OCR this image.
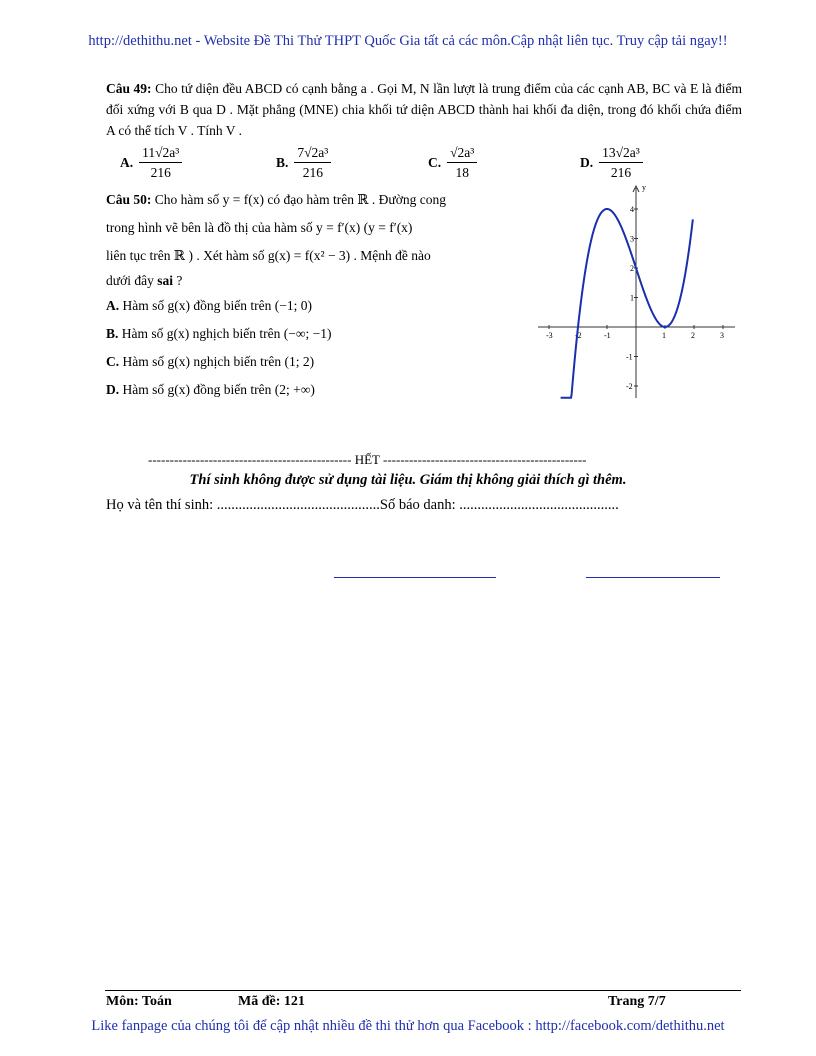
http://dethithu.net - Website Đề Thi Thử THPT Quốc Gia tất cả các môn.Cập nhật liên tục. Truy cập tải ngay!!
Câu 49: Cho tứ diện đều ABCD có cạnh bằng a . Gọi M, N lần lượt là trung điểm của các cạnh AB, BC và E là điểm đối xứng với B qua D . Mặt phẳng (MNE) chia khối tứ diện ABCD thành hai khối đa diện, trong đó khối chứa điểm A có thể tích V . Tính V .
A. $\frac{\text{11√2a³}}{216}$	B. $\frac{\text{7√2a³}}{216}$	C. $\frac{\text{√2a³}}{18}$	D. $\frac{\text{13√2a³}}{216}$
Câu 50: Cho hàm số y = f(x) có đạo hàm trên ℝ . Đường cong
trong hình vẽ bên là đồ thị của hàm số y = f′(x) (y = f′(x)
liên tục trên ℝ ) . Xét hàm số g(x) = f(x² − 3) . Mệnh đề nào
dưới đây sai ?
A. Hàm số g(x) đồng biến trên (−1; 0)
B. Hàm số g(x) nghịch biến trên (−∞; −1)
C. Hàm số g(x) nghịch biến trên (1; 2)
D. Hàm số g(x) đồng biến trên (2; +∞)
y
-3	-2	-1	1	2	3
4
3
2
1
-1
-2
----------------------------------------------- HẾT -----------------------------------------------
Thí sinh không được sử dụng tài liệu. Giám thị không giải thích gì thêm.
Họ và tên thí sinh: .............................................Số báo danh: ............................................
Môn: Toán	Mã đề: 121	Trang 7/7
Like fanpage của chúng tôi để cập nhật nhiều đề thi thử hơn qua Facebook : http://facebook.com/dethithu.net
